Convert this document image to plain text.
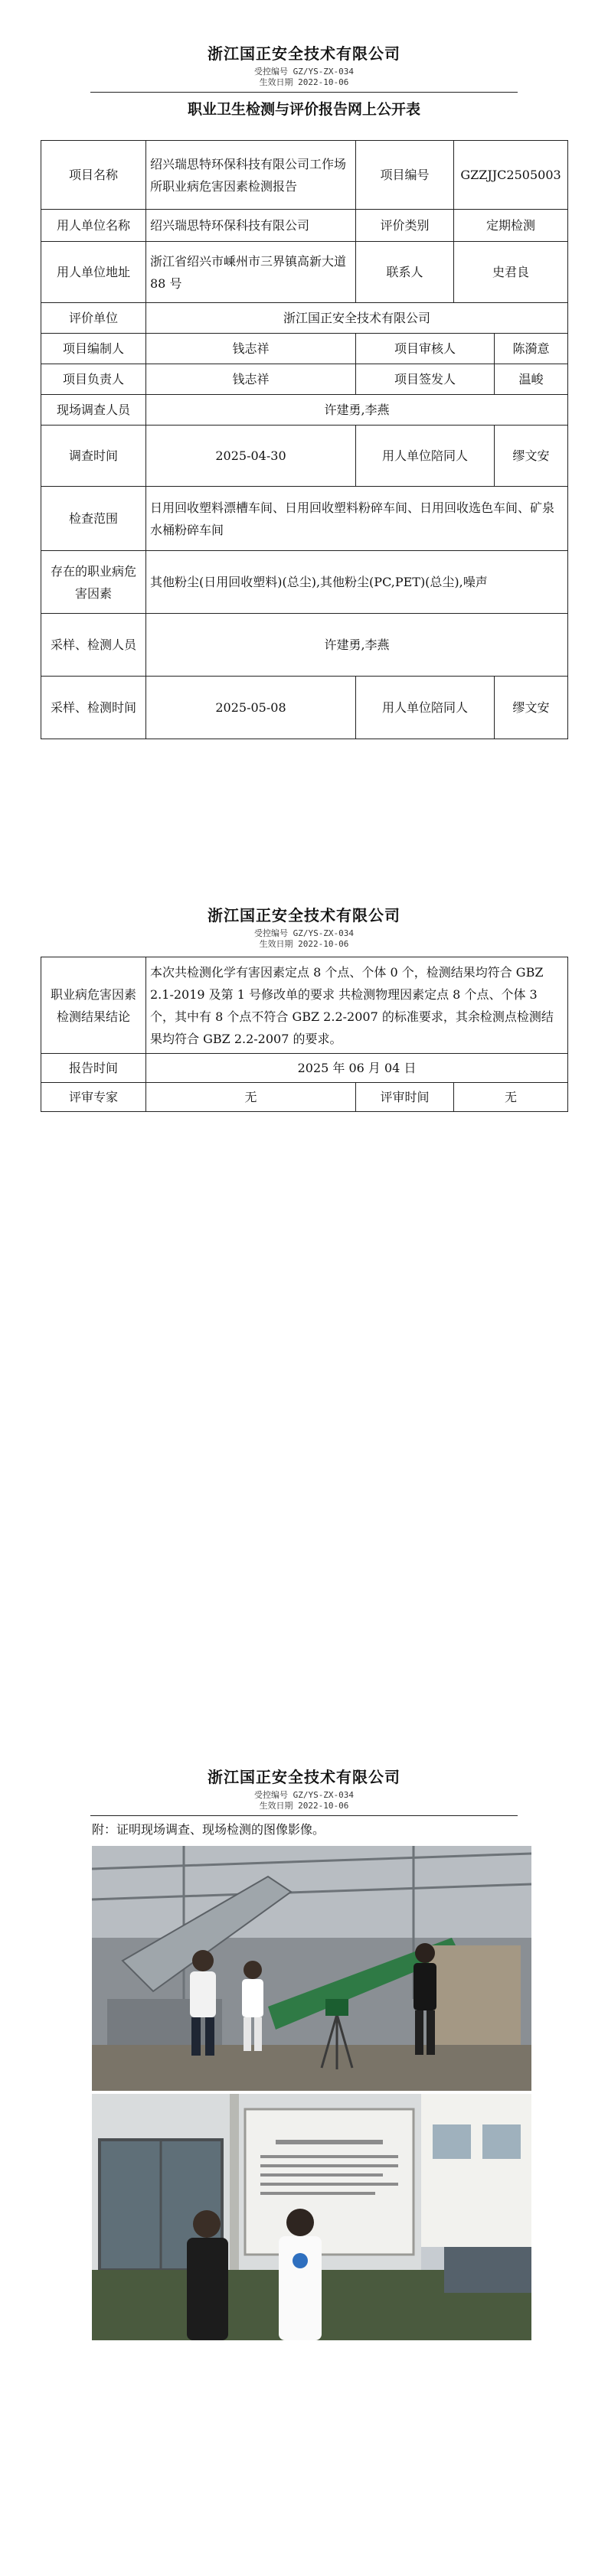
浙江国正安全技术有限公司
受控编号 GZ/YS-ZX-034
生效日期 2022-10-06
职业卫生检测与评价报告网上公开表
项目名称	绍兴瑞思特环保科技有限公司工作场所职业病危害因素检测报告	项目编号	GZZJJC2505003	
用人单位名称	绍兴瑞思特环保科技有限公司	评价类别	定期检测	
用人单位地址	浙江省绍兴市嵊州市三界镇高新大道 88 号	联系人	史君良	
评价单位	浙江国正安全技术有限公司			
项目编制人	钱志祥	项目审核人		陈漪意
项目负责人	钱志祥	项目签发人		温峻
现场调查人员	许建勇,李燕			
调查时间	2025-04-30	用人单位陪同人		缪文安
检查范围	日用回收塑料漂槽车间、日用回收塑料粉碎车间、日用回收选色车间、矿泉水桶粉碎车间			
存在的职业病危害因素	其他粉尘(日用回收塑料)(总尘),其他粉尘(PC,PET)(总尘),噪声			
采样、检测人员	许建勇,李燕			
采样、检测时间	2025-05-08	用人单位陪同人		缪文安
浙江国正安全技术有限公司
受控编号 GZ/YS-ZX-034
生效日期 2022-10-06
职业病危害因素检测结果结论	本次共检测化学有害因素定点 8 个点、个体 0 个，检测结果均符合 GBZ 2.1-2019 及第 1 号修改单的要求 共检测物理因素定点 8 个点、个体 3 个，其中有 8 个点不符合 GBZ 2.2-2007 的标准要求，其余检测点检测结果均符合 GBZ 2.2-2007 的要求。		
报告时间	2025 年 06 月 04 日		
评审专家	无	评审时间	无
浙江国正安全技术有限公司
受控编号 GZ/YS-ZX-034
生效日期 2022-10-06
附：证明现场调查、现场检测的图像影像。
